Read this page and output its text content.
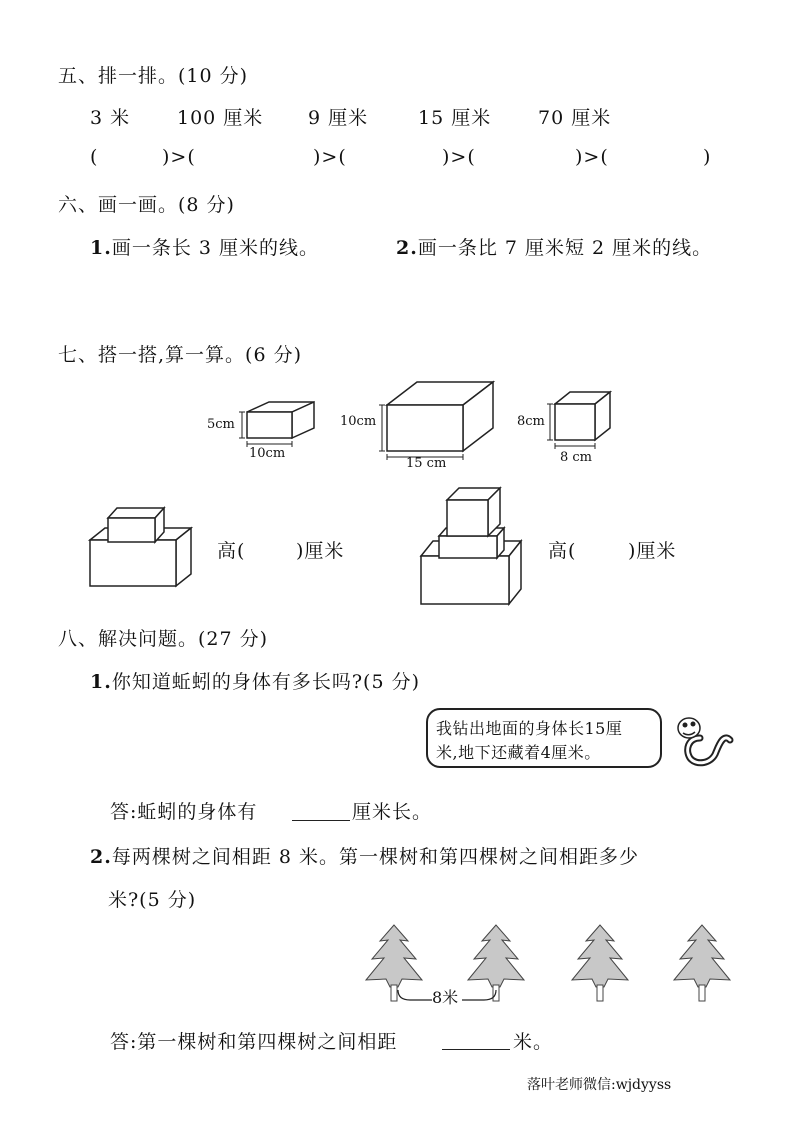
五、排一排。(10 分)
3 米 100 厘米 9 厘米	15 厘米 70 厘米
(	)>(	)>(	)>(	)>(	)
六、画一画。(8 分)
1.画一条长 3 厘米的线。	2.画一条比 7 厘米短 2 厘米的线。
七、搭一搭,算一算。(6 分)
5cm
10cm
10cm
15 cm
8cm
8 cm
高(	)厘米	高(	)厘米
八、解决问题。(27 分)
1.你知道蚯蚓的身体有多长吗?(5 分)
我钻出地面的身体长15厘
米,地下还藏着4厘米。
答:蚯蚓的身体有	厘米长。
2.每两棵树之间相距 8 米。第一棵树和第四棵树之间相距多少
米?(5 分)
8米
答:第一棵树和第四棵树之间相距	米。
落叶老师微信:wjdyyss
